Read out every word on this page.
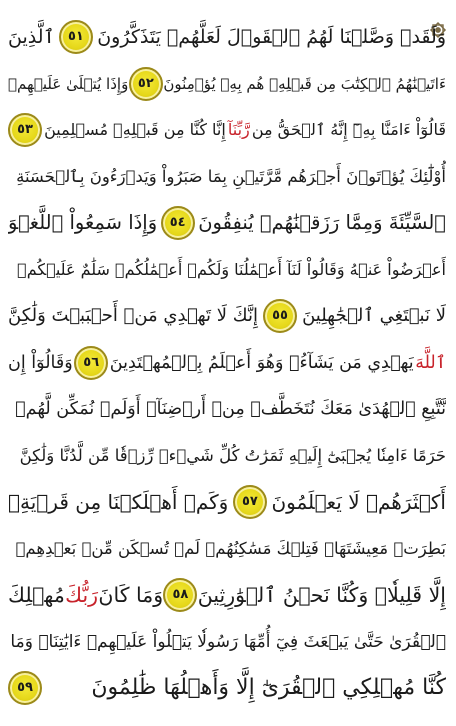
وَلَقَدۡ وَصَّلۡنَا لَهُمُ ٱلۡقَوۡلَ لَعَلَّهُمۡ يَتَذَكَّرُونَ
٥١
ٱلَّذِينَ
ءَاتَيۡنَٰهُمُ ٱلۡكِتَٰبَ مِن قَبۡلِهِۦ هُم بِهِۦ يُؤۡمِنُونَ
٥٢
وَإِذَا يُتۡلَىٰ عَلَيۡهِمۡ
قَالُوٓاْ ءَامَنَّا بِهِۦٓ إِنَّهُ ٱلۡحَقُّ مِن
رَّبِّنَآ
إِنَّا كُنَّا مِن قَبۡلِهِۦ مُسۡلِمِينَ
٥٣
أُوْلَٰٓئِكَ يُؤۡتَوۡنَ أَجۡرَهُم مَّرَّتَيۡنِ بِمَا صَبَرُواْ وَيَدۡرَءُونَ بِٱلۡحَسَنَةِ
ٱلسَّيِّئَةَ وَمِمَّا رَزَقۡنَٰهُمۡ يُنفِقُونَ
٥٤
وَإِذَا سَمِعُواْ ٱللَّغۡوَ
أَعۡرَضُواْ عَنۡهُ وَقَالُواْ لَنَآ أَعۡمَٰلُنَا وَلَكُمۡ أَعۡمَٰلُكُمۡ سَلَٰمٌ عَلَيۡكُمۡ
لَا نَبۡتَغِي ٱلۡجَٰهِلِينَ
٥٥
إِنَّكَ لَا تَهۡدِي مَنۡ أَحۡبَبۡتَ وَلَٰكِنَّ
ٱللَّهَ
يَهۡدِي مَن يَشَآءُۚ وَهُوَ أَعۡلَمُ بِٱلۡمُهۡتَدِينَ
٥٦
وَقَالُوٓاْ إِن
نَّتَّبِعِ ٱلۡهُدَىٰ مَعَكَ نُتَخَطَّفۡ مِنۡ أَرۡضِنَآۚ أَوَلَمۡ نُمَكِّن لَّهُمۡ
حَرَمًا ءَامِنٗا يُجۡبَىٰٓ إِلَيۡهِ ثَمَرَٰتُ كُلِّ شَيۡءٖ رِّزۡقٗا مِّن لَّدُنَّا وَلَٰكِنَّ
أَكۡثَرَهُمۡ لَا يَعۡلَمُونَ
٥٧
وَكَمۡ أَهۡلَكۡنَا مِن قَرۡيَةِۭ
بَطِرَتۡ مَعِيشَتَهَاۖ فَتِلۡكَ مَسَٰكِنُهُمۡ لَمۡ تُسۡكَن مِّنۢ بَعۡدِهِمۡ
إِلَّا قَلِيلٗاۖ وَكُنَّا نَحۡنُ ٱلۡوَٰرِثِينَ
٥٨
وَمَا كَانَ
رَبُّكَ
مُهۡلِكَ
ٱلۡقُرَىٰ حَتَّىٰ يَبۡعَثَ فِيٓ أُمِّهَا رَسُولٗا يَتۡلُواْ عَلَيۡهِمۡ ءَايَٰتِنَاۚ وَمَا
كُنَّا مُهۡلِكِي ٱلۡقُرَىٰٓ إِلَّا وَأَهۡلُهَا ظَٰلِمُونَ
٥٩
